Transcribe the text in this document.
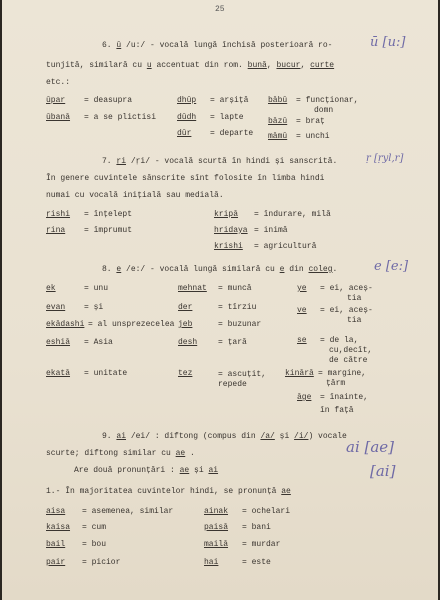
25
6. ū /u:/ - vocală lungă închisă posterioară ro-	ū [u:]
tunjită, similară cu u accentuat din rom. bună, bucur, curte
etc.:
ūpar = deasupra
ūbanā = a se plictisi
dhūp = arșiță
dūdh = lapte
dūr = departe
bābū = funcționar,
domn
bāzū = braț
māmū = unchi
7. ṛi /ṛi/ - vocală scurtă în hindi și sanscrită.	ṛ [ṛyl,r]
În genere cuvintele sănscrite sînt folosite în limba hindi
numai cu vocală inițială sau medială.
ṛishi = înțelept
ṛina = împrumut
kripā = îndurare, milă
hridaya = inimă
krishi = agricultură
8. e /e:/ - vocală lungă similară cu e din coleg.	e [e:]
ek	= unu
evan = și
ekādashi = al unsprezecelea
eshiā = Asia
ekatā = unitate
mehnat = muncă
der	= tîrziu
jeb	= buzunar
desh	= țară
tez	= ascuțit, repede
ye = ei, aceș-
tia
ve = ei, aceș-
tia
se = de la,
cu,decît,
de către
kinārā = margine,
țărm
āge = înainte,
în față
9. ai /ei/ : diftong (compus din /a/ și /i/) vocale
scurte; diftong similar cu ae .
Are două pronunțări : ae și ai
ai [ae]
[ai]
1.- În majoritatea cuvintelor hindi, se pronunță ae
aisa = asemenea, similar
kaisa = cum
bail = bou
pair = picior
ainak = ochelari
paisā = bani
mailā = murdar
hai	= este
